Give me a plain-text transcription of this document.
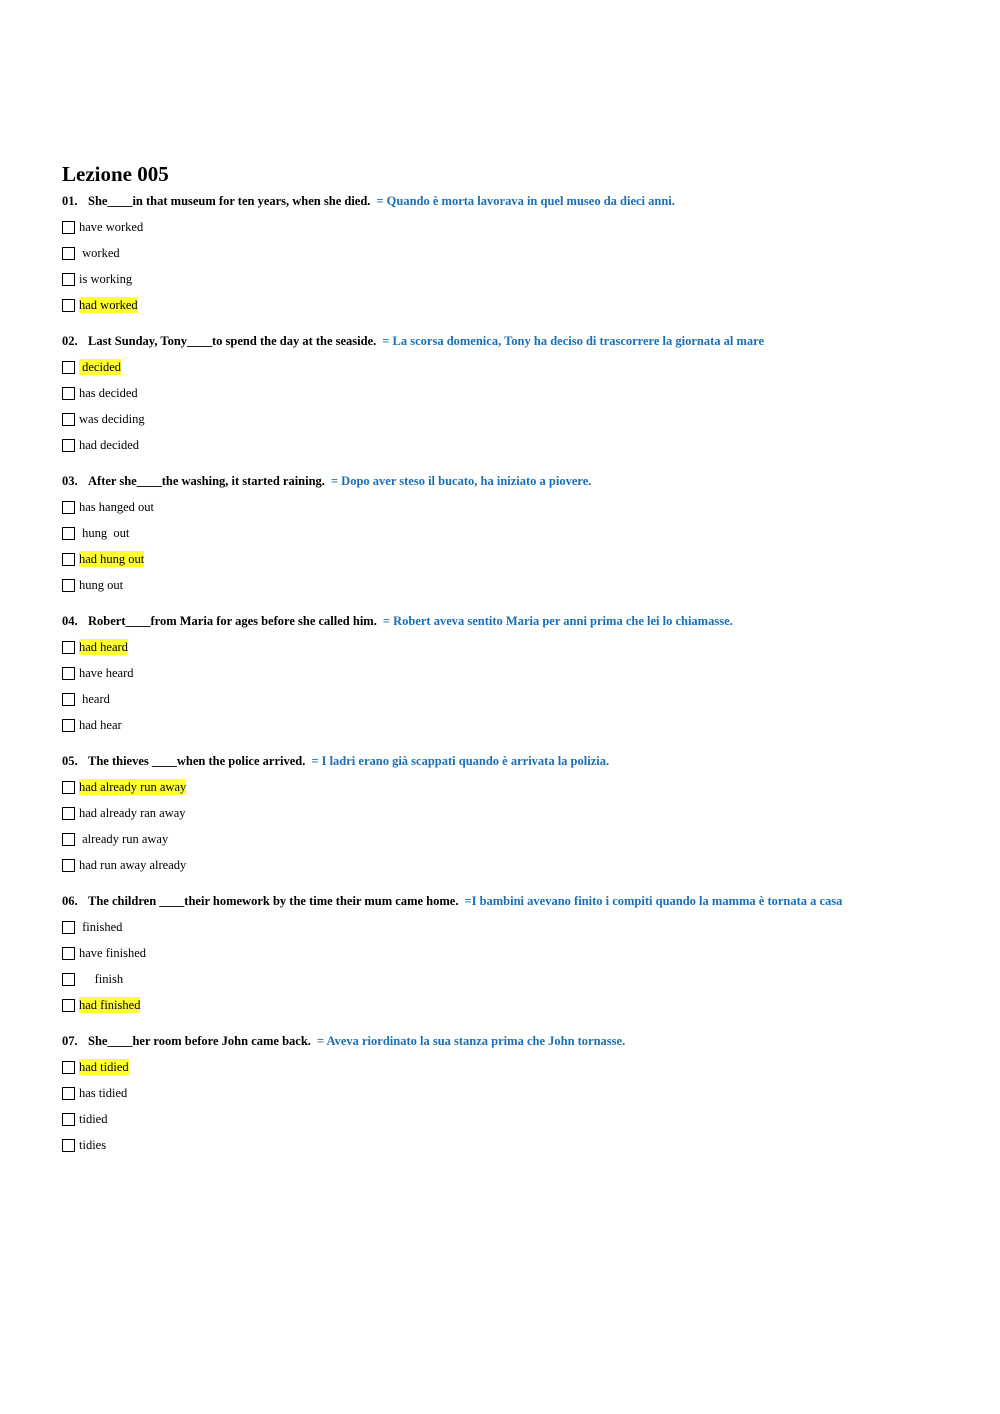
Lezione 005
01. She____in that museum for ten years, when she died. = Quando è morta lavorava in quel museo da dieci anni.
have worked
worked
is working
had worked
02. Last Sunday, Tony____to spend the day at the seaside. = La scorsa domenica, Tony ha deciso di trascorrere la giornata al mare
decided
has decided
was deciding
had decided
03. After she____the washing, it started raining. = Dopo aver steso il bucato, ha iniziato a piovere.
has hanged out
hung  out
had hung out
hung out
04. Robert____from Maria for ages before she called him. = Robert aveva sentito Maria per anni prima che lei lo chiamasse.
had heard
have heard
heard
had hear
05. The thieves ____when the police arrived. = I ladri erano già scappati quando è arrivata la polizia.
had already run away
had already ran away
already run away
had run away already
06. The children ____their homework by the time their mum came home. =I bambini avevano finito i compiti quando la mamma è tornata a casa
finished
have finished
finish
had finished
07. She____her room before John came back. = Aveva riordinato la sua stanza prima che John tornasse.
had tidied
has tidied
tidied
tidies
